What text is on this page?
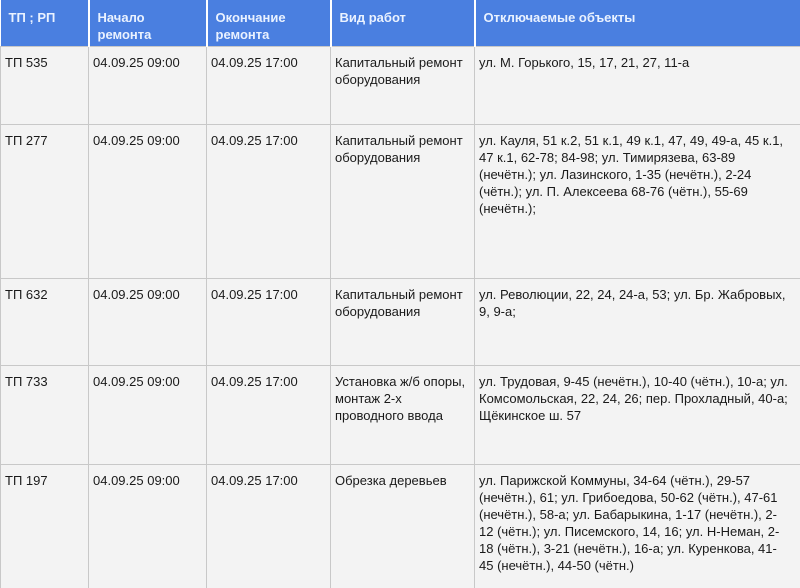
ТП ; РП	Начало ремонта	Окончание ремонта	Вид работ	Отключаемые объекты
ТП 535	04.09.25 09:00	04.09.25 17:00	Капитальный ремонт оборудования	ул. М. Горького, 15, 17, 21, 27, 11-а
ТП 277	04.09.25 09:00	04.09.25 17:00	Капитальный ремонт оборудования	ул. Кауля, 51 к.2, 51 к.1, 49 к.1, 47, 49, 49-а, 45 к.1, 47 к.1, 62-78; 84-98; ул. Тимирязева, 63-89 (нечётн.); ул. Лазинского, 1-35 (нечётн.), 2-24 (чётн.); ул. П. Алексеева 68-76 (чётн.), 55-69 (нечётн.);
ТП 632	04.09.25 09:00	04.09.25 17:00	Капитальный ремонт оборудования	ул. Революции, 22, 24, 24-а, 53; ул. Бр. Жабровых, 9, 9-а;
ТП 733	04.09.25 09:00	04.09.25 17:00	Установка ж/б опоры, монтаж 2-х проводного ввода	ул. Трудовая, 9-45 (нечётн.), 10-40 (чётн.), 10-а; ул. Комсомольская, 22, 24, 26; пер. Прохладный, 40-а; Щёкинское ш. 57
ТП 197	04.09.25 09:00	04.09.25 17:00	Обрезка деревьев	ул. Парижской Коммуны, 34-64 (чётн.), 29-57 (нечётн.), 61; ул. Грибоедова, 50-62 (чётн.), 47-61 (нечётн.), 58-а; ул. Бабарыкина, 1-17 (нечётн.), 2-12 (чётн.); ул. Писемского, 14, 16; ул. Н-Неман, 2-18 (чётн.), 3-21 (нечётн.), 16-а; ул. Куренкова, 41-45 (нечётн.), 44-50 (чётн.)
